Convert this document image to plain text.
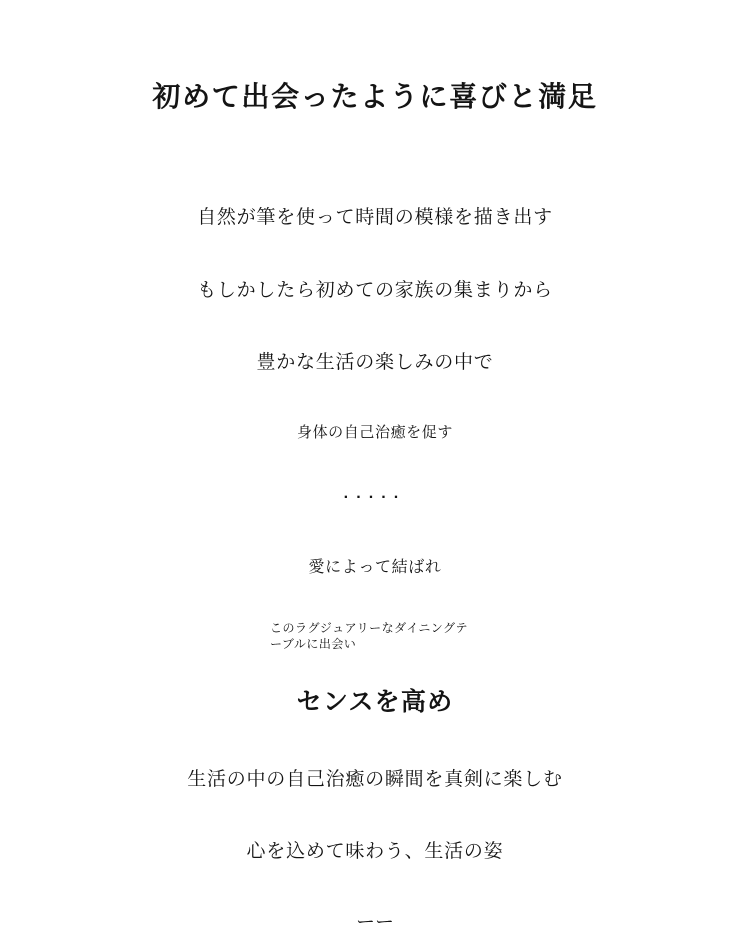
初めて出会ったように喜びと満足
自然が筆を使って時間の模様を描き出す
もしかしたら初めての家族の集まりから
豊かな生活の楽しみの中で
身体の自己治癒を促す
·····
愛によって結ばれ
このラグジュアリーなダイニングテーブルに出会い
センスを高め
生活の中の自己治癒の瞬間を真剣に楽しむ
心を込めて味わう、生活の姿
ーー
